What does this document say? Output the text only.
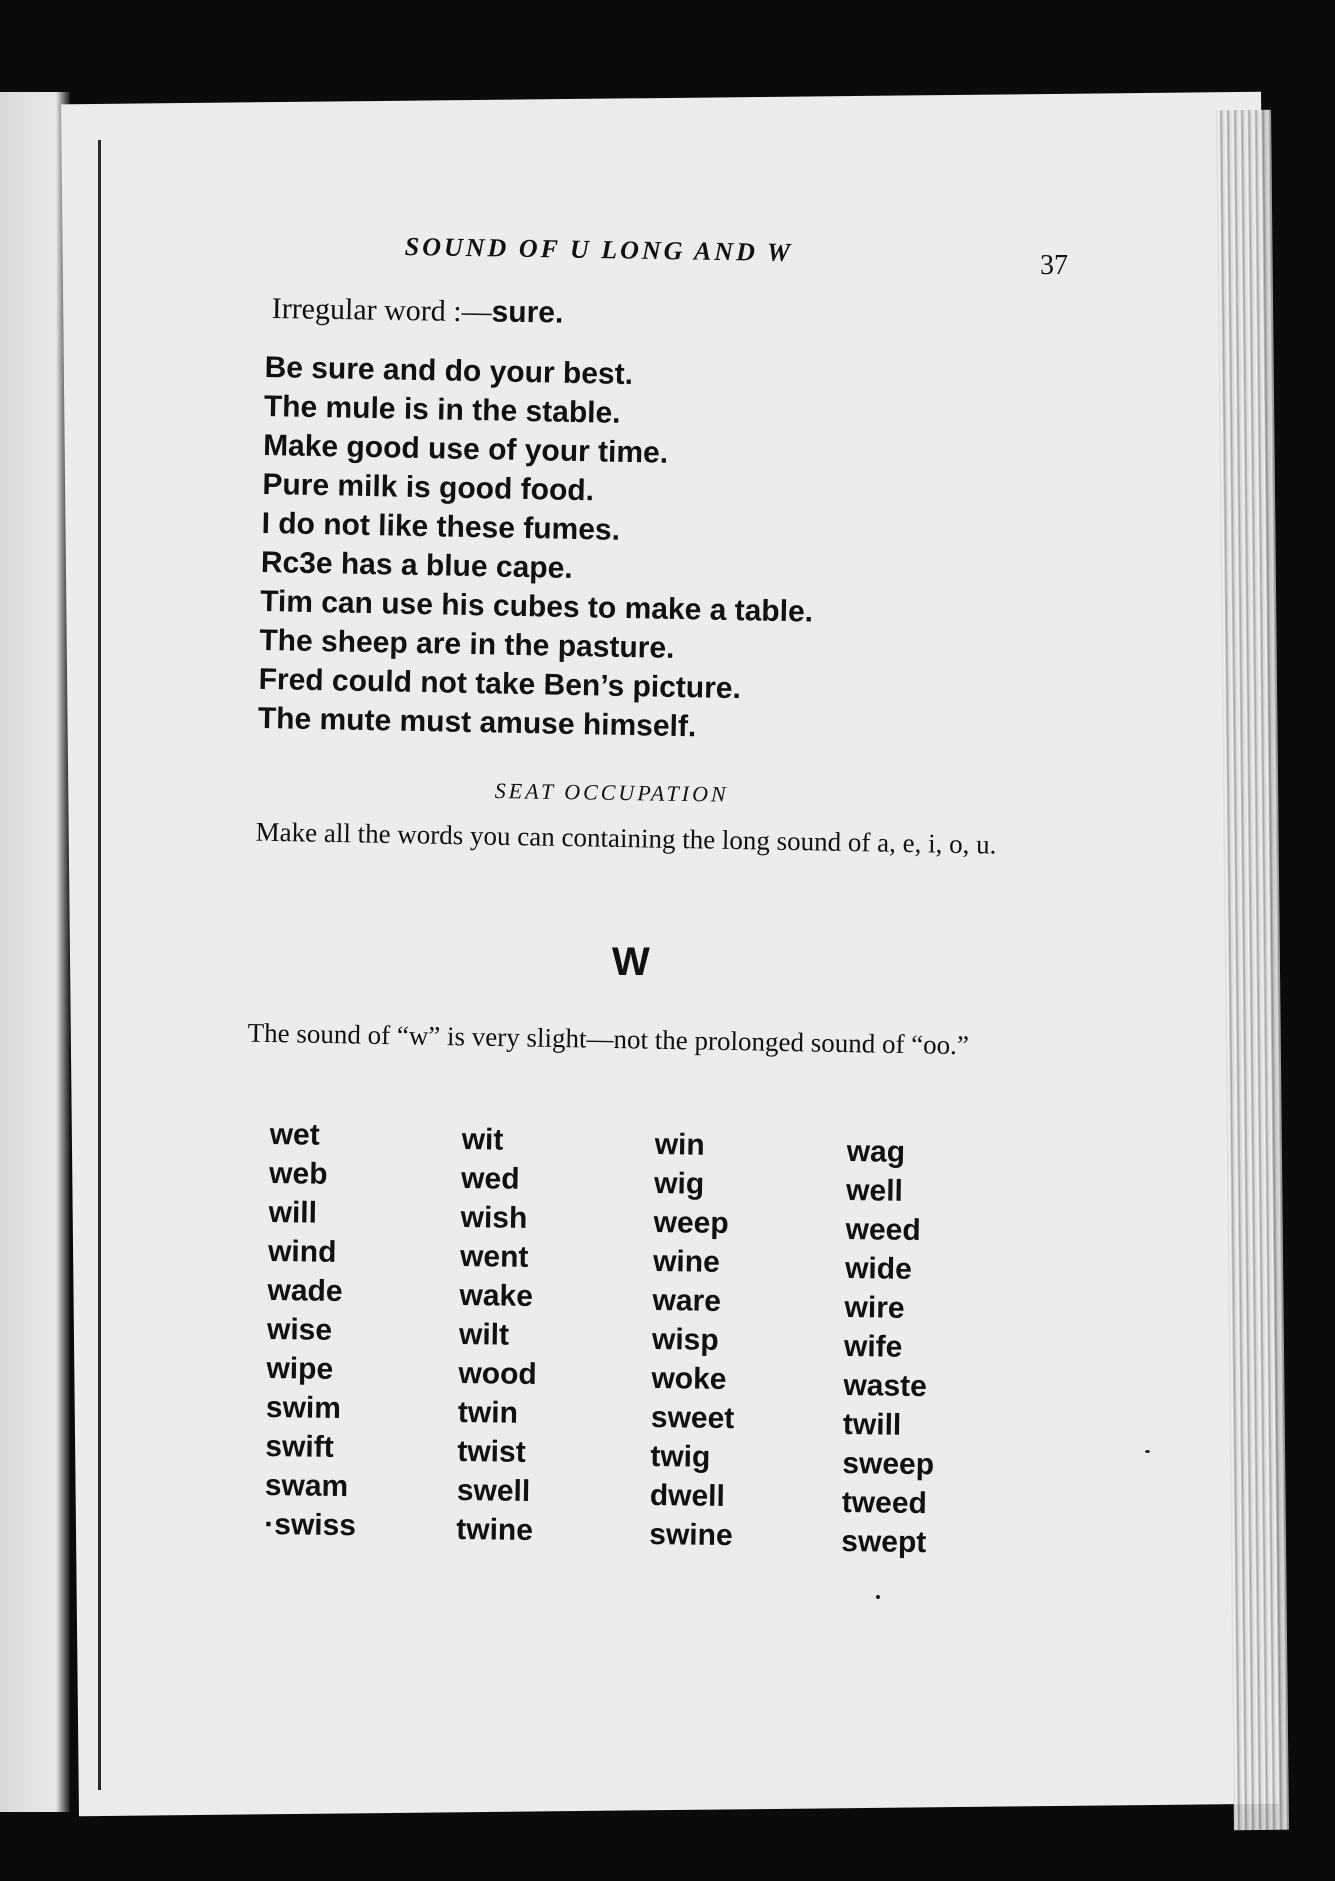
SOUND OF U LONG AND W	37
Irregular word :—sure.
Be sure and do your best.
The mule is in the stable.
Make good use of your time.
Pure milk is good food.
I do not like these fumes.
Rc3e has a blue cape.
Tim can use his cubes to make a table.
The sheep are in the pasture.
Fred could not take Ben’s picture.
The mute must amuse himself.
SEAT OCCUPATION
Make all the words you can containing the long sound of a, e, i, o, u.
W
The sound of “w” is very slight—not the prolonged sound of “oo.”
wet
web
will
wind
wade
wise
wipe
swim
swift
swam
·swiss
wit
wed
wish
went
wake
wilt
wood
twin
twist
swell
twine
win
wig
weep
wine
ware
wisp
woke
sweet
twig
dwell
swine
wag
well
weed
wide
wire
wife
waste
twill
sweep
tweed
swept
